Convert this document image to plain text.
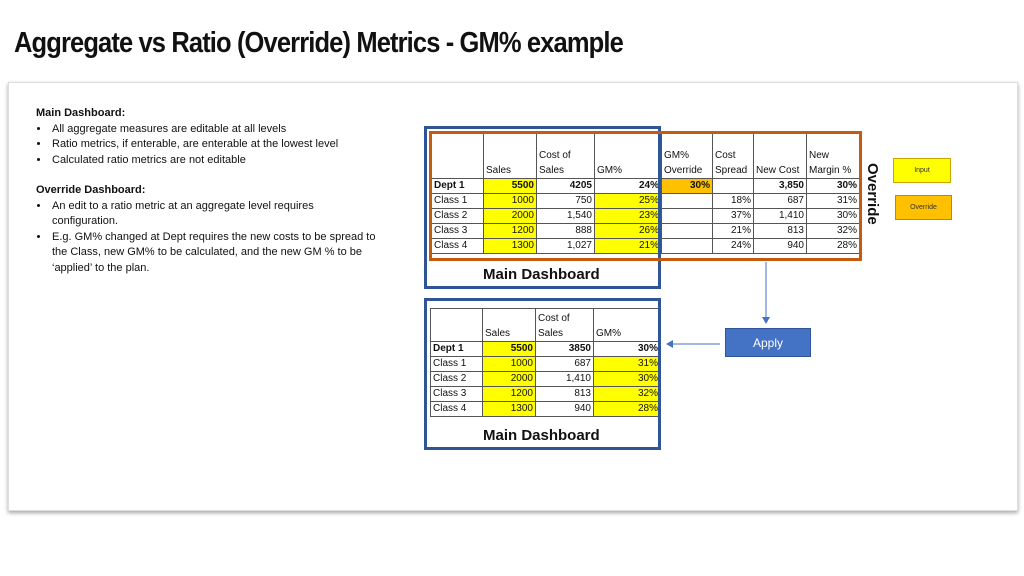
Aggregate vs Ratio (Override) Metrics - GM% example
Main Dashboard:
• All aggregate measures are editable at all levels
• Ratio metrics, if enterable, are enterable at the lowest level
• Calculated ratio metrics are not editable
Override Dashboard:
• An edit to a ratio metric at an aggregate level requires configuration.
• E.g. GM% changed at Dept requires the new costs to be spread to the Class, new GM% to be calculated, and the new GM % to be ‘applied’ to the plan.
	Sales	Cost of Sales	GM%	GM% Override	Cost Spread	New Cost	New Margin %
Dept 1	5500	4205	24%	30%		3,850	30%
Class 1	1000	750	25%		18%	687	31%
Class 2	2000	1,540	23%		37%	1,410	30%
Class 3	1200	888	26%		21%	813	32%
Class 4	1300	1,027	21%		24%	940	28%
	Sales	Cost of Sales	GM%
Dept 1	5500	3850	30%
Class 1	1000	687	31%
Class 2	2000	1,410	30%
Class 3	1200	813	32%
Class 4	1300	940	28%
Main Dashboard
Main Dashboard
Override	Input
Override
Apply
